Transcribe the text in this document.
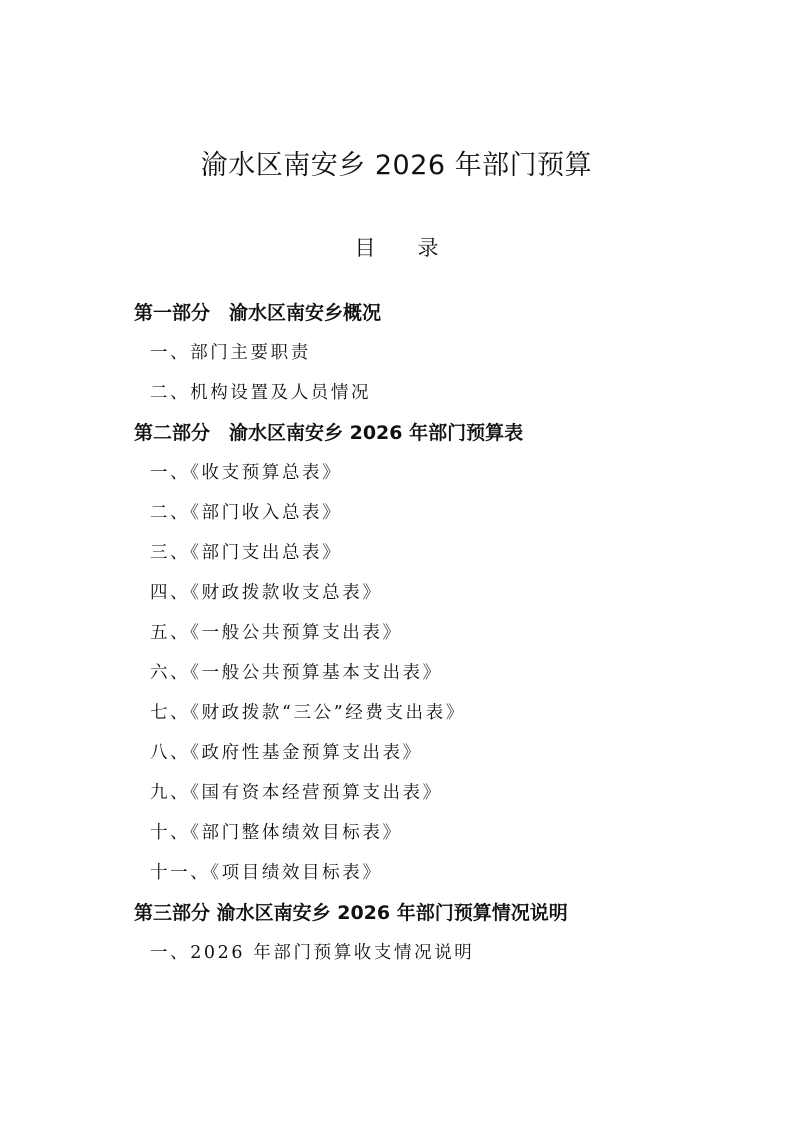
渝水区南安乡 2026 年部门预算
目 录
第一部分　渝水区南安乡概况
一、部门主要职责
二、机构设置及人员情况
第二部分　渝水区南安乡 2026 年部门预算表
一、《收支预算总表》
二、《部门收入总表》
三、《部门支出总表》
四、《财政拨款收支总表》
五、《一般公共预算支出表》
六、《一般公共预算基本支出表》
七、《财政拨款“三公”经费支出表》
八、《政府性基金预算支出表》
九、《国有资本经营预算支出表》
十、《部门整体绩效目标表》
十一、《项目绩效目标表》
第三部分 渝水区南安乡 2026 年部门预算情况说明
一、2026 年部门预算收支情况说明
